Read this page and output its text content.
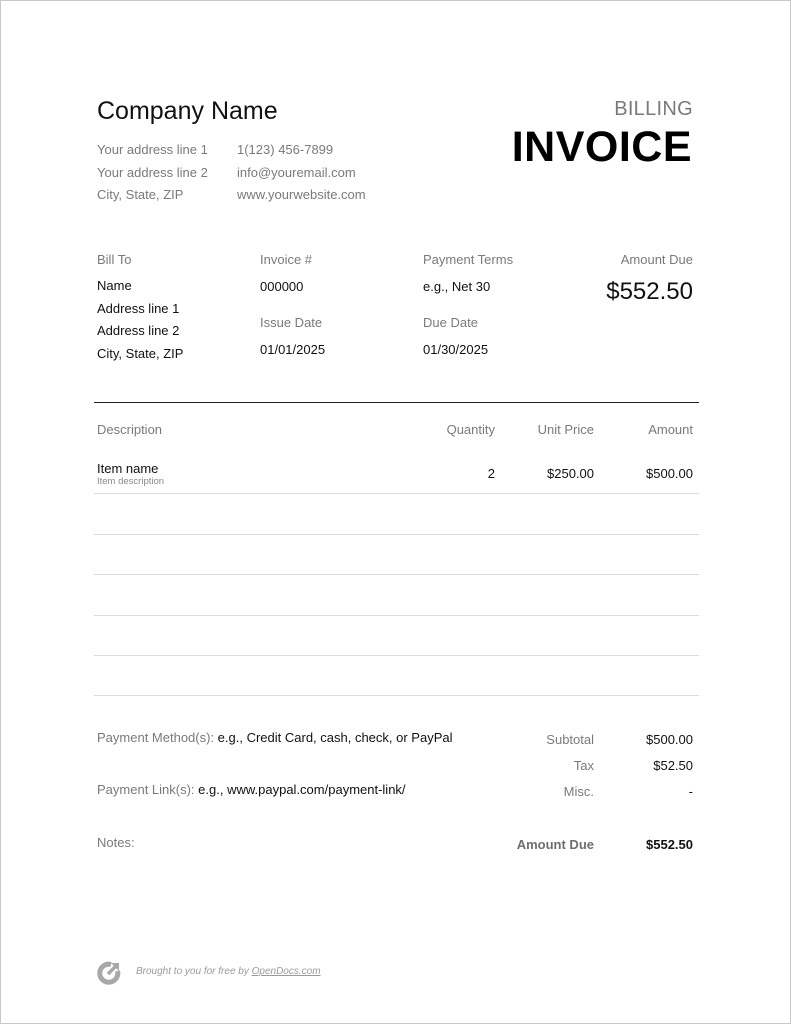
Company Name
Your address line 1
Your address line 2
City, State, ZIP
1(123) 456-7899
info@youremail.com
www.yourwebsite.com
BILLING
INVOICE
Bill To
Name
Address line 1
Address line 2
City, State, ZIP
Invoice #
000000
Issue Date
01/01/2025
Payment Terms
e.g., Net 30
Due Date
01/30/2025
Amount Due
$552.50
Description	Quantity	Unit Price	Amount
Item name
Item description
2	$250.00	$500.00
Payment Method(s): e.g., Credit Card, cash, check, or PayPal
Payment Link(s): e.g., www.paypal.com/payment-link/
Notes:
Subtotal	$500.00
Tax	$52.50
Misc.	-
Amount Due	$552.50
Brought to you for free by OpenDocs.com
